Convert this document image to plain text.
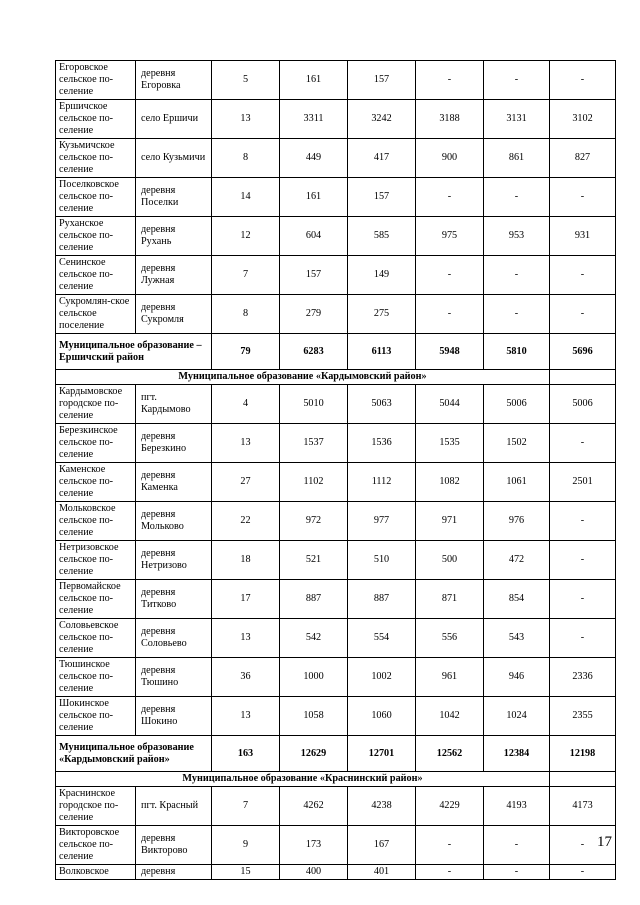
Егоровское сельское по-селение	деревня Егоровка	5	161	157	-	-	-
Ершичское сельское по-селение	село Ершичи	13	3311	3242	3188	3131	3102
Кузьмичское сельское по-селение	село Кузьмичи	8	449	417	900	861	827
Поселковское сельское по-селение	деревня Поселки	14	161	157	-	-	-
Руханское сельское по-селение	деревня Рухань	12	604	585	975	953	931
Сенинское сельское по-селение	деревня Лужная	7	157	149	-	-	-
Сукромлян-ское сельское поселение	деревня Сукромля	8	279	275	-	-	-
Муниципальное образование – Ершичский район		79	6283	6113	5948	5810	5696
Муниципальное образование «Кардымовский район»							
Кардымовское городское по-селение	пгт. Кардымово	4	5010	5063	5044	5006	5006
Березкинское сельское по-селение	деревня Березкино	13	1537	1536	1535	1502	-
Каменское сельское по-селение	деревня Каменка	27	1102	1112	1082	1061	2501
Мольковское сельское по-селение	деревня Мольково	22	972	977	971	976	-
Нетризовское сельское по-селение	деревня Нетризово	18	521	510	500	472	-
Первомайское сельское по-селение	деревня Титково	17	887	887	871	854	-
Соловьевское сельское по-селение	деревня Соловьево	13	542	554	556	543	-
Тюшинское сельское по-селение	деревня Тюшино	36	1000	1002	961	946	2336
Шокинское сельское по-селение	деревня Шокино	13	1058	1060	1042	1024	2355
Муниципальное образование «Кардымовский район»		163	12629	12701	12562	12384	12198
Муниципальное образование «Краснинский район»							
Краснинское городское по-селение	пгт. Красный	7	4262	4238	4229	4193	4173
Викторовское сельское по-селение	деревня Викторово	9	173	167	-	-	-
Волковское	деревня	15	400	401	-	-	-
17
